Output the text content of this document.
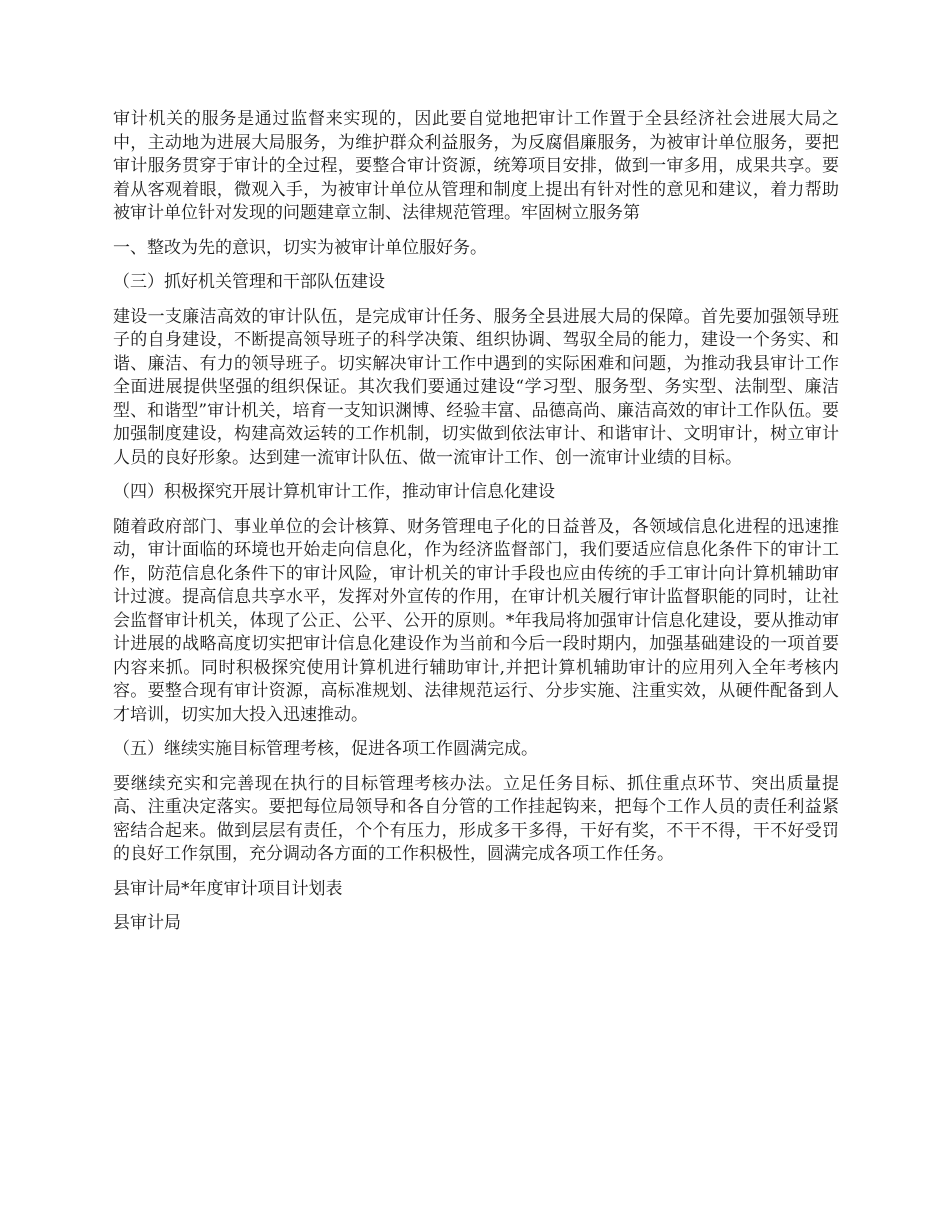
审计机关的服务是通过监督来实现的，因此要自觉地把审计工作置于全县经济社会进展大局之中，主动地为进展大局服务，为维护群众利益服务，为反腐倡廉服务，为被审计单位服务，要把审计服务贯穿于审计的全过程，要整合审计资源，统筹项目安排，做到一审多用，成果共享。要着从客观着眼，微观入手，为被审计单位从管理和制度上提出有针对性的意见和建议，着力帮助被审计单位针对发现的问题建章立制、法律规范管理。牢固树立服务第

一、整改为先的意识，切实为被审计单位服好务。

（三）抓好机关管理和干部队伍建设

建设一支廉洁高效的审计队伍，是完成审计任务、服务全县进展大局的保障。首先要加强领导班子的自身建设，不断提高领导班子的科学决策、组织协调、驾驭全局的能力，建设一个务实、和谐、廉洁、有力的领导班子。切实解决审计工作中遇到的实际困难和问题，为推动我县审计工作全面进展提供坚强的组织保证。其次我们要通过建设“学习型、服务型、务实型、法制型、廉洁型、和谐型”审计机关，培育一支知识渊博、经验丰富、品德高尚、廉洁高效的审计工作队伍。要加强制度建设，构建高效运转的工作机制，切实做到依法审计、和谐审计、文明审计，树立审计人员的良好形象。达到建一流审计队伍、做一流审计工作、创一流审计业绩的目标。

（四）积极探究开展计算机审计工作，推动审计信息化建设

随着政府部门、事业单位的会计核算、财务管理电子化的日益普及，各领域信息化进程的迅速推动，审计面临的环境也开始走向信息化，作为经济监督部门，我们要适应信息化条件下的审计工作，防范信息化条件下的审计风险，审计机关的审计手段也应由传统的手工审计向计算机辅助审计过渡。提高信息共享水平，发挥对外宣传的作用，在审计机关履行审计监督职能的同时，让社会监督审计机关，体现了公正、公平、公开的原则。*年我局将加强审计信息化建设，要从推动审计进展的战略高度切实把审计信息化建设作为当前和今后一段时期内，加强基础建设的一项首要内容来抓。同时积极探究使用计算机进行辅助审计,并把计算机辅助审计的应用列入全年考核内容。要整合现有审计资源，高标准规划、法律规范运行、分步实施、注重实效，从硬件配备到人才培训，切实加大投入迅速推动。

（五）继续实施目标管理考核，促进各项工作圆满完成。

要继续充实和完善现在执行的目标管理考核办法。立足任务目标、抓住重点环节、突出质量提高、注重决定落实。要把每位局领导和各自分管的工作挂起钩来，把每个工作人员的责任利益紧密结合起来。做到层层有责任，个个有压力，形成多干多得，干好有奖，不干不得，干不好受罚的良好工作氛围，充分调动各方面的工作积极性，圆满完成各项工作任务。

县审计局*年度审计项目计划表

县审计局
